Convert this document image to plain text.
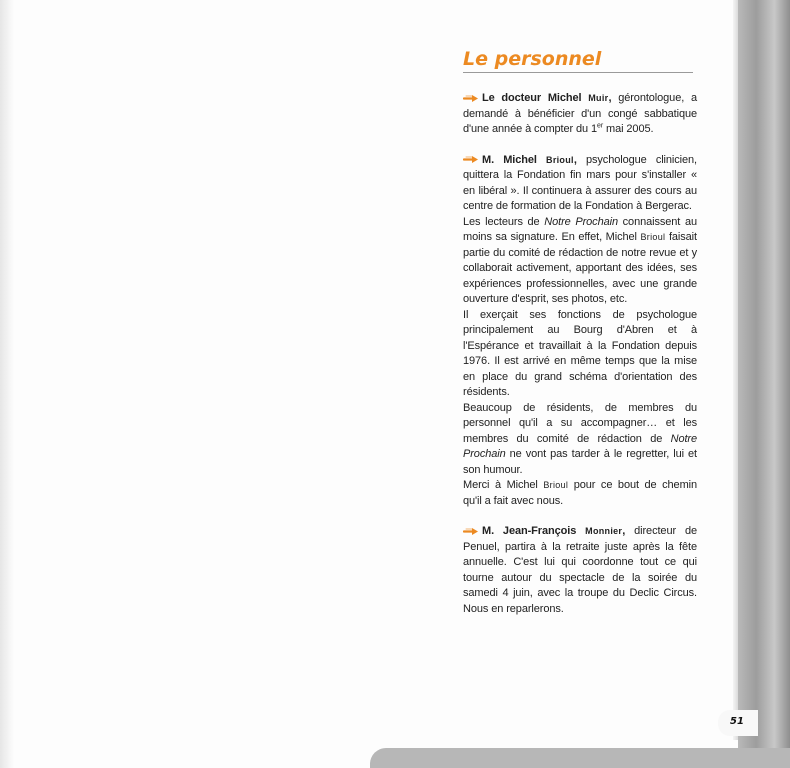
51
Le personnel

Le docteur Michel Muir, gérontologue, a demandé à bénéficier d'un congé sabbatique d'une année à compter du 1er mai 2005.

M. Michel Brioul, psychologue clinicien, quittera la Fondation fin mars pour s'installer « en libéral ». Il continuera à assurer des cours au centre de formation de la Fondation à Bergerac.

Les lecteurs de Notre Prochain connaissent au moins sa signature. En effet, Michel Brioul faisait partie du comité de rédaction de notre revue et y collaborait activement, apportant des idées, ses expériences professionnelles, avec une grande ouverture d'esprit, ses photos, etc.

Il exerçait ses fonctions de psychologue principalement au Bourg d'Abren et à l'Espérance et travaillait à la Fondation depuis 1976. Il est arrivé en même temps que la mise en place du grand schéma d'orientation des résidents.

Beaucoup de résidents, de membres du personnel qu'il a su accompagner… et les membres du comité de rédaction de Notre Prochain ne vont pas tarder à le regretter, lui et son humour.

Merci à Michel Brioul pour ce bout de chemin qu'il a fait avec nous.

M. Jean-François Monnier, directeur de Penuel, partira à la retraite juste après la fête annuelle. C'est lui qui coordonne tout ce qui tourne autour du spectacle de la soirée du samedi 4 juin, avec la troupe du Declic Circus. Nous en reparlerons.
